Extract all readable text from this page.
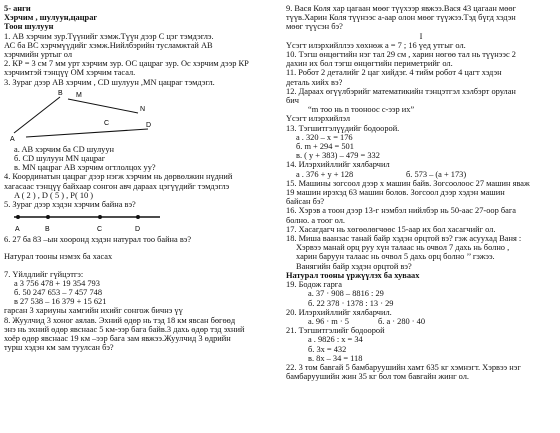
5- анги
Хэрчим , шулуун,цацраг
Тоон шулуун
1. АВ хэрчим зур.Түүнийг хэмж.Түүн дээр С цэг тэмдэглэ.
АС ба ВС хэрчмүүдийг хэмж.Нийлбэрийн тусламжтай АВ
хэрчмийн уртыг ол
2. КР = 3 см 7 мм урт хэрчим зур. ОС цацраг зур. Ос хэрчим дээр КР
хэрчимтэй тэнцүү ОМ хэрчим тасал.
3. Зураг дээр АВ хэрчим , CD шулуун ,MN цацраг тэмдэгл.
A
B M
N
C	D
a. AB хэрчим ба CD шулуун
б. CD шулуун MN цацраг
в. MN цацраг АВ хэрчим огтлолцох уу?
4. Координатын цацраг дээр нэгж хэрчим нь дөрвөлжин нүдний
хагасаас тэнцүү байхаар сонгон авч дараах цэгүүдийг тэмдэглэ
A ( 2 ) , D ( 5 ) , P( 10 )
5. Зураг дээр хэдэн хэрчим байна вэ?
A	B	C	D
6. 27 ба 83 –ын хооронд хэдэн натурал тоо байна вэ?
Натурал тооны нэмэх ба хасах
7. Үйлдлийг гүйцэтгэ:
а 3 756 478 + 19 354 793
б. 50 247 653 – 7 457 748
в 27 538 – 16 379 + 15 621
гарсан 3 хариуны хамгийн ихийг сонгож бичнэ үү
8. Жуулчид 3 хоног аялав. Эхний өдөр нь тэд 18 км явсан бөгөөд
энэ нь эхний өдөр явснаас 5 км-ээр бага байв.3 дахь өдөр тэд эхний
хоёр өдөр явснаас 19 км –ээр бага зам явжээ.Жуулчид 3 өдрийн
турш хэдэн км зам туулсан бэ?
9. Вася Коля хар цагаан мөөг түүхээр явжээ.Вася 43 цагаан мөөг
түүв.Харин Коля түүнээс а-аар олон мөөг түүжээ.Тэд бүгд хэдэн
мөөг түүсэн бэ?
I
Үсэгт илэрхийллээ хөхнөж a = 7 ; 16 үед утгыг ол.
10. Тэгш өнцөгтийн нэг тал 29 см , харин нөгөө тал нь түүнээс 2
дахин их бол тэгш өнцөгтийн периметрийг ол.
11. Робот 2 деталийг 2 цаг хийдэг. 4 тийм робот 4 цагт хэдэн
деталь хийх вэ?
12. Дараах өгүүлбэрийг математикийн тэнцэтгэл хэлбэрт орулан
бич
“m тоо нь n тооноос с-ээр их”
Үсэгт илэрхийлэл
13. Тэгшитгэлүүдийг бодоорой.
а . 320 – x = 176
б. m + 294 = 501
в. ( y + 383) – 479 = 332
14. Илэрхийллийг хялбарчил
а . 376 + y + 128	б. 573 – (a + 173)
15. Машины зогсоол дээр x машин байв. Зогсоолоос 27 машин яваж
19 машин ирэхэд 63 машин болов. Зогсоол дээр хэдэн машин
байсан бэ?
16. Хэрэв a тоон дээр 13-г нэмбэл нийлбэр нь 50-аас 27-оор бага
болно. a тоог ол.
17. Хасагдагч нь хөгөөлөгчөөс 15-аар их бол хасагчийг ол.
18. Миша ваанзас танай байр хэдэн орцтой вэ? гэж асуухад Ваня :
Хэрвээ манай орц руу хүн талаас нь очвол 7 дахь нь болно ,
харин баруун талаас нь очвол 5 дахь орц болно ’’ гэжээ.
Ванягийн байр хэдэн орцтой вэ?
Натурал тооны үржүүлэх ба хуваах
19. Бодож гарга
а. 37 · 908 – 8816 : 29
б. 22 378 · 1378 : 13 · 29
20. Илэрхийллийг хялбарчил.
а. 96 · m · 5	б. a · 280 · 40
21. Тэгшитгэлийг бодоорой
а . 9826 : x = 34
б. 3x = 432
в. 8x – 34 = 118
22. 3 том бавгай 5 бамбаруушийн хамт 635 кг хэмнэгт. Хэрвээ нэг
бамбаруушийн жин 35 кг бол том бавгайн жинг ол.
